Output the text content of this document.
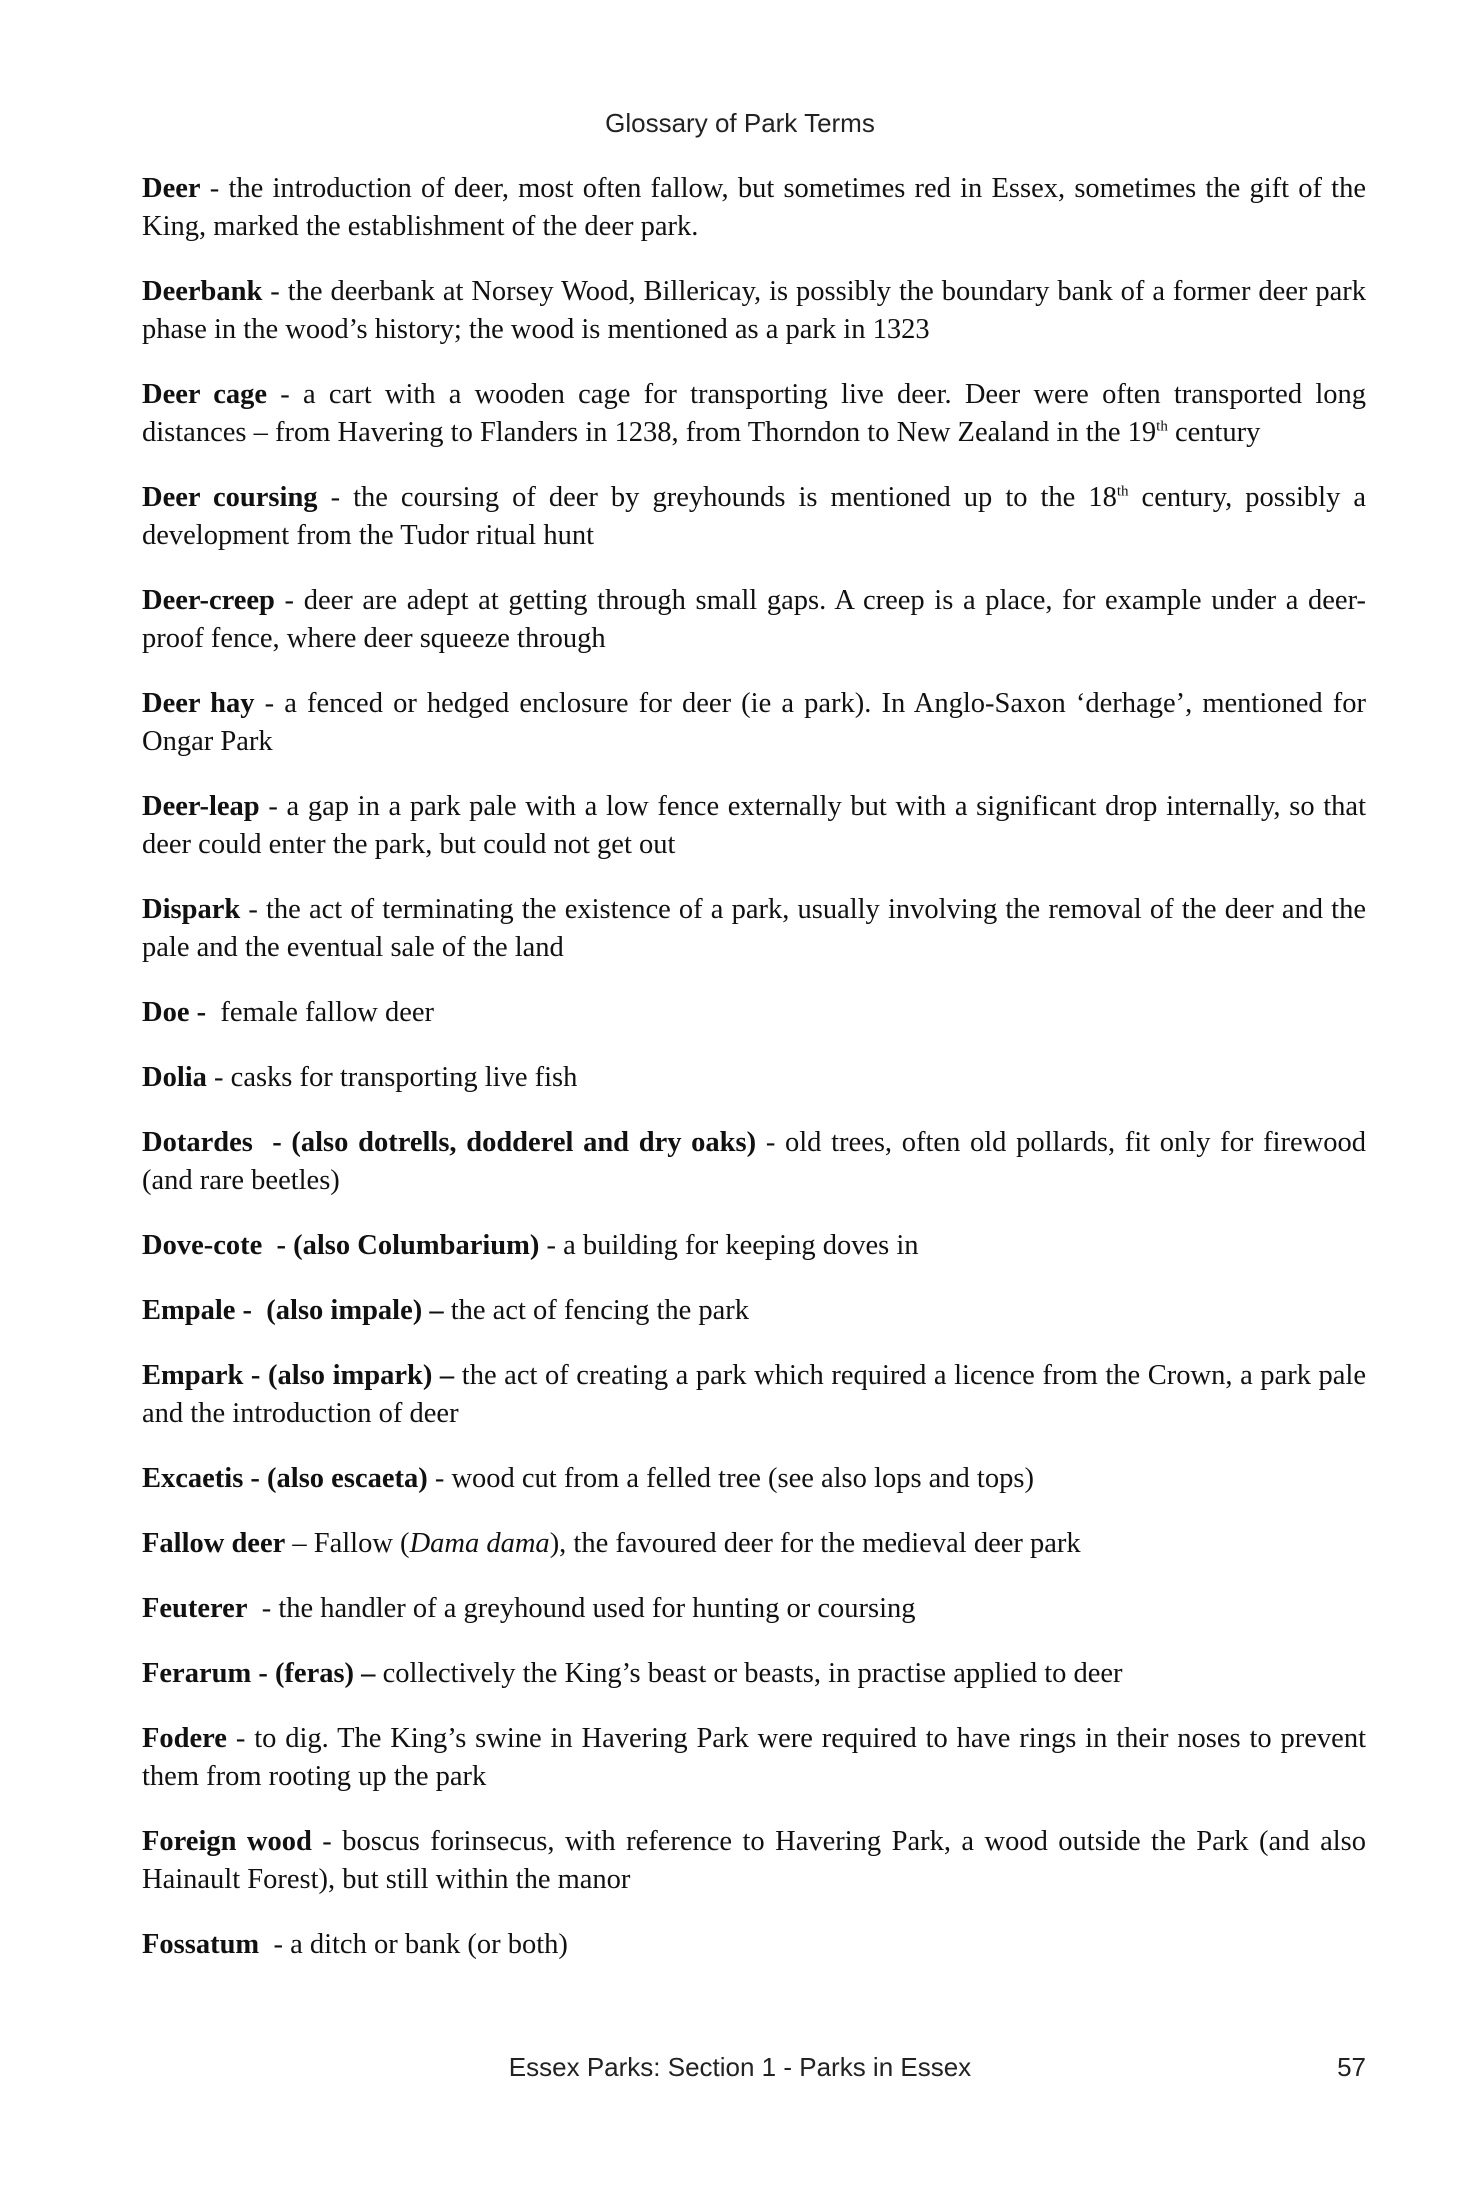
Glossary of Park Terms

Deer - the introduction of deer, most often fallow, but sometimes red in Essex, sometimes the gift of the King, marked the establishment of the deer park.

Deerbank - the deerbank at Norsey Wood, Billericay, is possibly the boundary bank of a former deer park phase in the wood’s history; the wood is mentioned as a park in 1323

Deer cage - a cart with a wooden cage for transporting live deer. Deer were often transported long distances – from Havering to Flanders in 1238, from Thorndon to New Zealand in the 19th century

Deer coursing - the coursing of deer by greyhounds is mentioned up to the 18th century, possibly a development from the Tudor ritual hunt

Deer-creep - deer are adept at getting through small gaps. A creep is a place, for example under a deer-proof fence, where deer squeeze through

Deer hay - a fenced or hedged enclosure for deer (ie a park). In Anglo-Saxon ‘derhage’, mentioned for Ongar Park

Deer-leap - a gap in a park pale with a low fence externally but with a significant drop internally, so that deer could enter the park, but could not get out

Dispark - the act of terminating the existence of a park, usually involving the removal of the deer and the pale and the eventual sale of the land

Doe - female fallow deer

Dolia - casks for transporting live fish

Dotardes  - (also dotrells, dodderel and dry oaks) - old trees, often old pollards, fit only for firewood (and rare beetles)

Dove-cote  - (also Columbarium) - a building for keeping doves in

Empale -  (also impale) – the act of fencing the park

Empark - (also impark) – the act of creating a park which required a licence from the Crown, a park pale and the introduction of deer

Excaetis - (also escaeta) - wood cut from a felled tree (see also lops and tops)

Fallow deer – Fallow (Dama dama), the favoured deer for the medieval deer park

Feuterer  - the handler of a greyhound used for hunting or coursing

Ferarum - (feras) – collectively the King’s beast or beasts, in practise applied to deer

Fodere - to dig. The King’s swine in Havering Park were required to have rings in their noses to prevent them from rooting up the park

Foreign wood - boscus forinsecus, with reference to Havering Park, a wood outside the Park (and also Hainault Forest), but still within the manor

Fossatum  - a ditch or bank (or both)

Essex Parks: Section 1 - Parks in Essex	57
